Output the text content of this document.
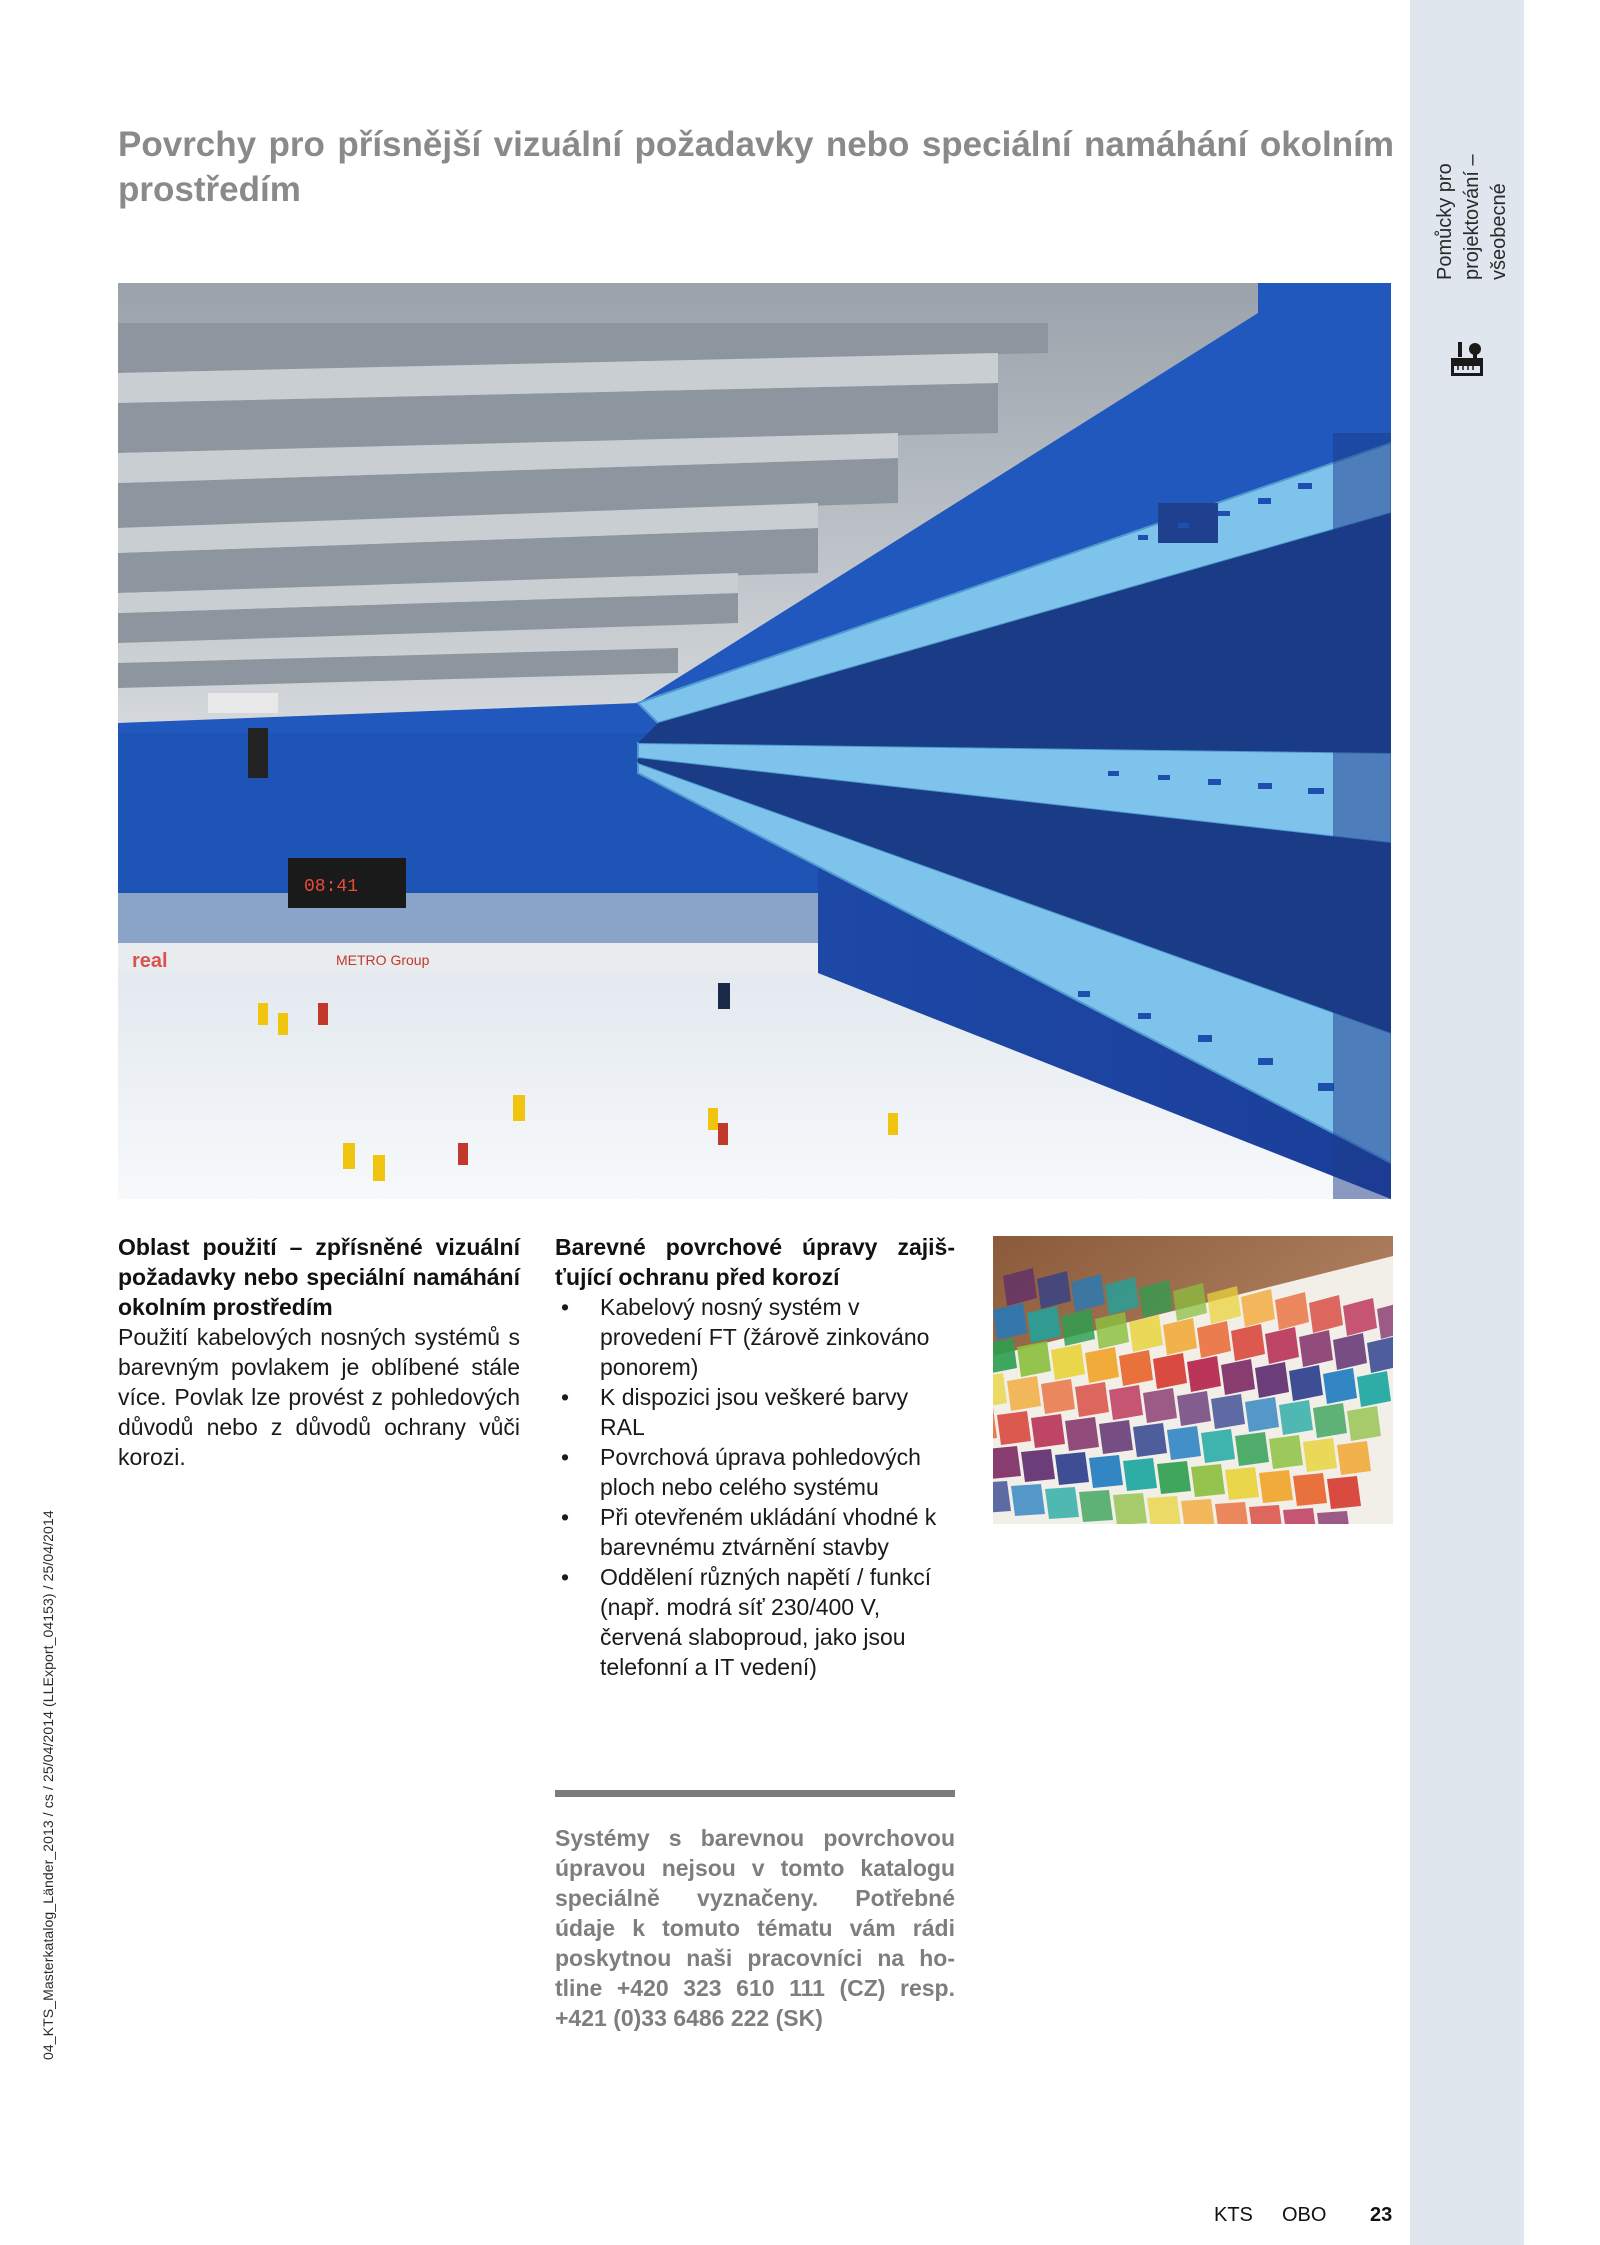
Pomůcky pro projektování – všeobecné
04_KTS_Masterkatalog_Länder_2013 / cs / 25/04/2014 (LLExport_04153) / 25/04/2014
Povrchy pro přísnější vizuální požadavky nebo speciální namáhání okolním prostředím
real	METRO Group
08:41

Oblast použití – zpřísněné vizuální požadavky nebo speciální namáhání okolním prostředím

Použití kabelových nosných systémů s barevným povlakem je oblíbené stále více. Povlak lze provést z pohledových důvodů nebo z důvodů ochrany vůči korozi.

Barevné povrchové úpravy zajišťující ochranu před korozí

• Kabelový nosný systém v provedení FT (žárově zinkováno ponorem)
• K dispozici jsou veškeré barvy RAL
• Povrchová úprava pohledových ploch nebo celého systému
• Při otevřeném ukládání vhodné k barevnému ztvárnění stavby
• Oddělení různých napětí / funkcí (např. modrá síť 230/400 V, červená slaboproud, jako jsou telefonní a IT vedení)

Systémy s barevnou povrchovou úpravou nejsou v tomto katalogu speciálně vyznačeny. Potřebné údaje k tomuto tématu vám rádi poskytnou naši pracovníci na hotline +420 323 610 111 (CZ) resp. +421 (0)33 6486 222 (SK)

KTS OBO 23
